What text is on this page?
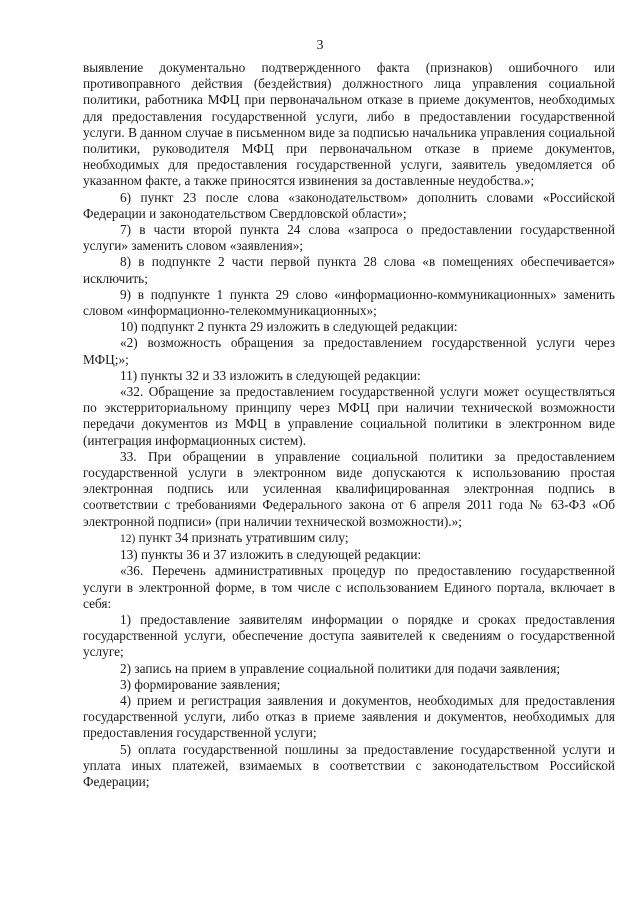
3

выявление документально подтвержденного факта (признаков) ошибочного или противоправного действия (бездействия) должностного лица управления социальной политики, работника МФЦ при первоначальном отказе в приеме документов, необходимых для предоставления государственной услуги, либо в предоставлении государственной услуги. В данном случае в письменном виде за подписью начальника управления социальной политики, руководителя МФЦ при первоначальном отказе в приеме документов, необходимых для предоставления государственной услуги, заявитель уведомляется об указанном факте, а также приносятся извинения за доставленные неудобства.»;

6) пункт 23 после слова «законодательством» дополнить словами «Российской Федерации и законодательством Свердловской области»;

7) в части второй пункта 24 слова «запроса о предоставлении государственной услуги» заменить словом «заявления»;

8) в подпункте 2 части первой пункта 28 слова «в помещениях обеспечивается» исключить;

9) в подпункте 1 пункта 29 слово «информационно-коммуникационных» заменить словом «информационно-телекоммуникационных»;

10) подпункт 2 пункта 29 изложить в следующей редакции:

«2) возможность обращения за предоставлением государственной услуги через МФЦ;»;

11) пункты 32 и 33 изложить в следующей редакции:

«32. Обращение за предоставлением государственной услуги может осуществляться по экстерриториальному принципу через МФЦ при наличии технической возможности передачи документов из МФЦ в управление социальной политики в электронном виде (интеграция информационных систем).

33. При обращении в управление социальной политики за предоставлением государственной услуги в электронном виде допускаются к использованию простая электронная подпись или усиленная квалифицированная электронная подпись в соответствии с требованиями Федерального закона от 6 апреля 2011 года № 63-ФЗ «Об электронной подписи» (при наличии технической возможности).»;

12) пункт 34 признать утратившим силу;

13) пункты 36 и 37 изложить в следующей редакции:

«36. Перечень административных процедур по предоставлению государственной услуги в электронной форме, в том числе с использованием Единого портала, включает в себя:

1) предоставление заявителям информации о порядке и сроках предоставления государственной услуги, обеспечение доступа заявителей к сведениям о государственной услуге;

2) запись на прием в управление социальной политики для подачи заявления;

3) формирование заявления;

4) прием и регистрация заявления и документов, необходимых для предоставления государственной услуги, либо отказ в приеме заявления и документов, необходимых для предоставления государственной услуги;

5) оплата государственной пошлины за предоставление государственной услуги и уплата иных платежей, взимаемых в соответствии с законодательством Российской Федерации;
